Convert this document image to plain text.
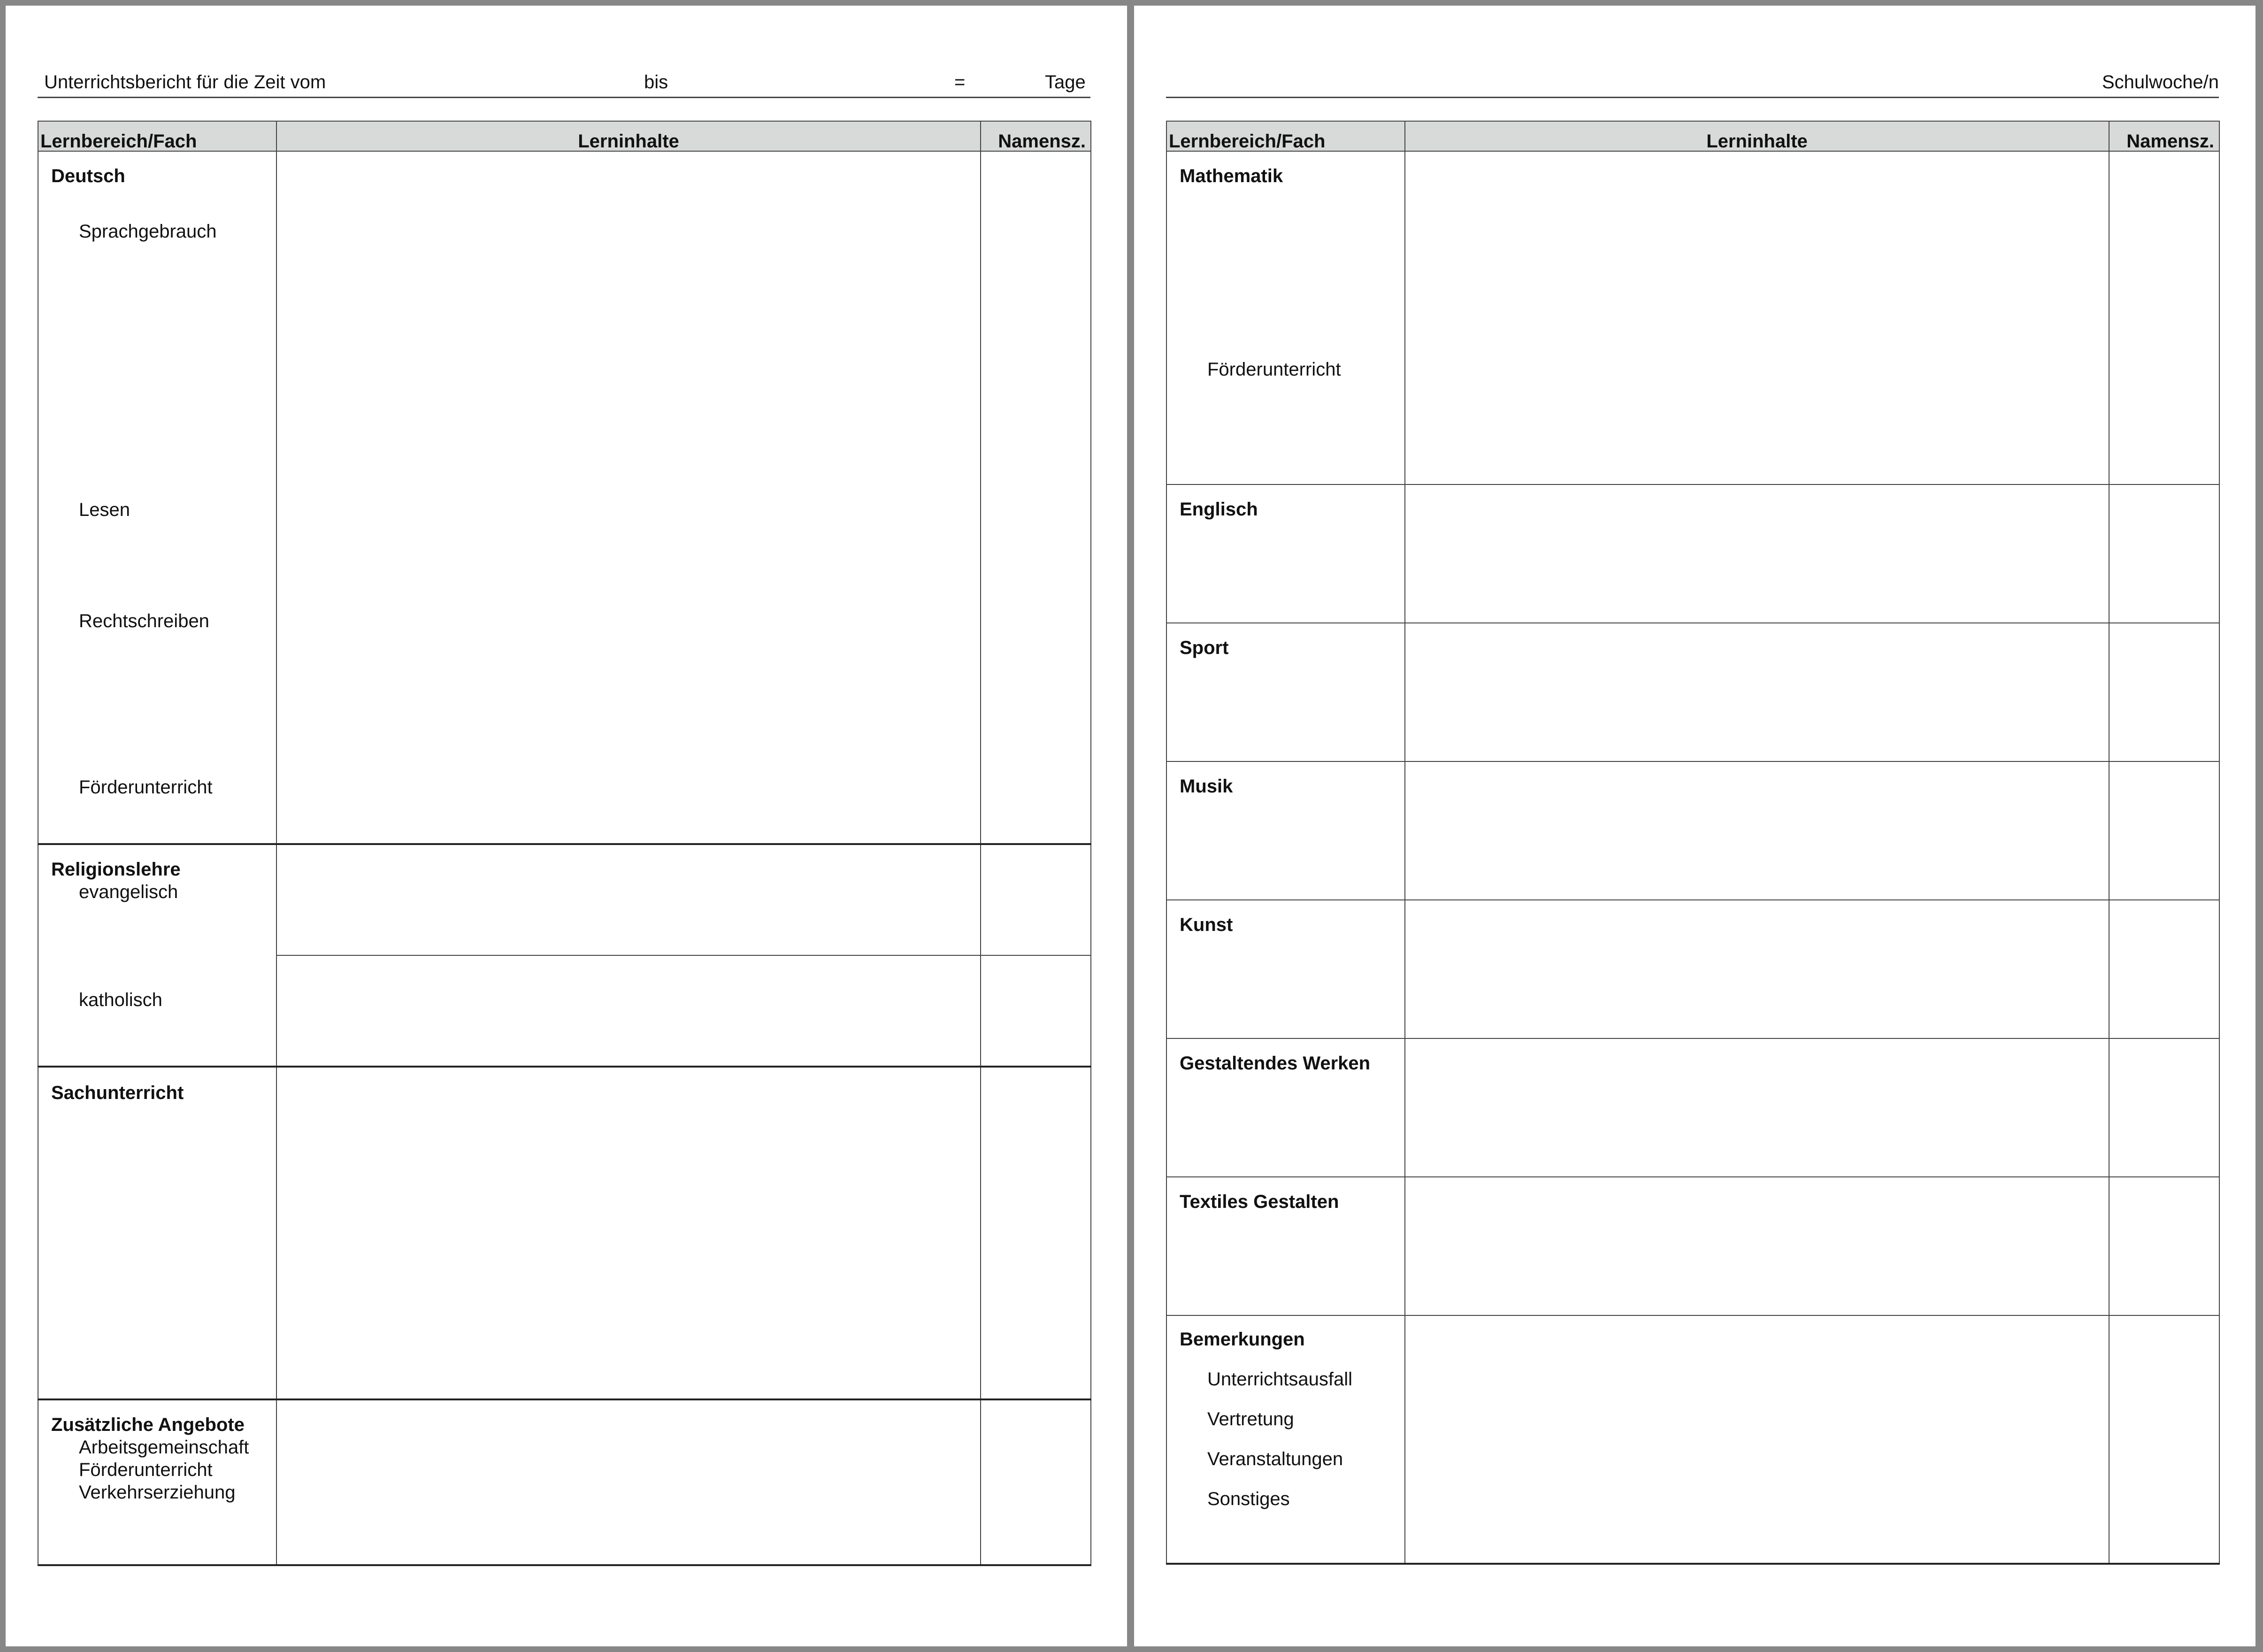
Unterrichtsbericht für die Zeit vom	bis	=	Tage
Lernbereich/Fach	Lerninhalte	Namensz.

Deutsch
Sprachgebrauch
Lesen
Rechtschreiben
Förderunterricht		

Religionslehre
evangelisch
katholisch		

Sachunterricht		

Zusätzliche Angebote
Arbeitsgemeinschaft
Förderunterricht
Verkehrserziehung		

Schulwoche/n
Lernbereich/Fach	Lerninhalte	Namensz.

Mathematik
Förderunterricht		

Englisch		

Sport		

Musik		

Kunst		

Gestaltendes Werken		

Textiles Gestalten		

Bemerkungen
Unterrichtsausfall
Vertretung
Veranstaltungen
Sonstiges		
